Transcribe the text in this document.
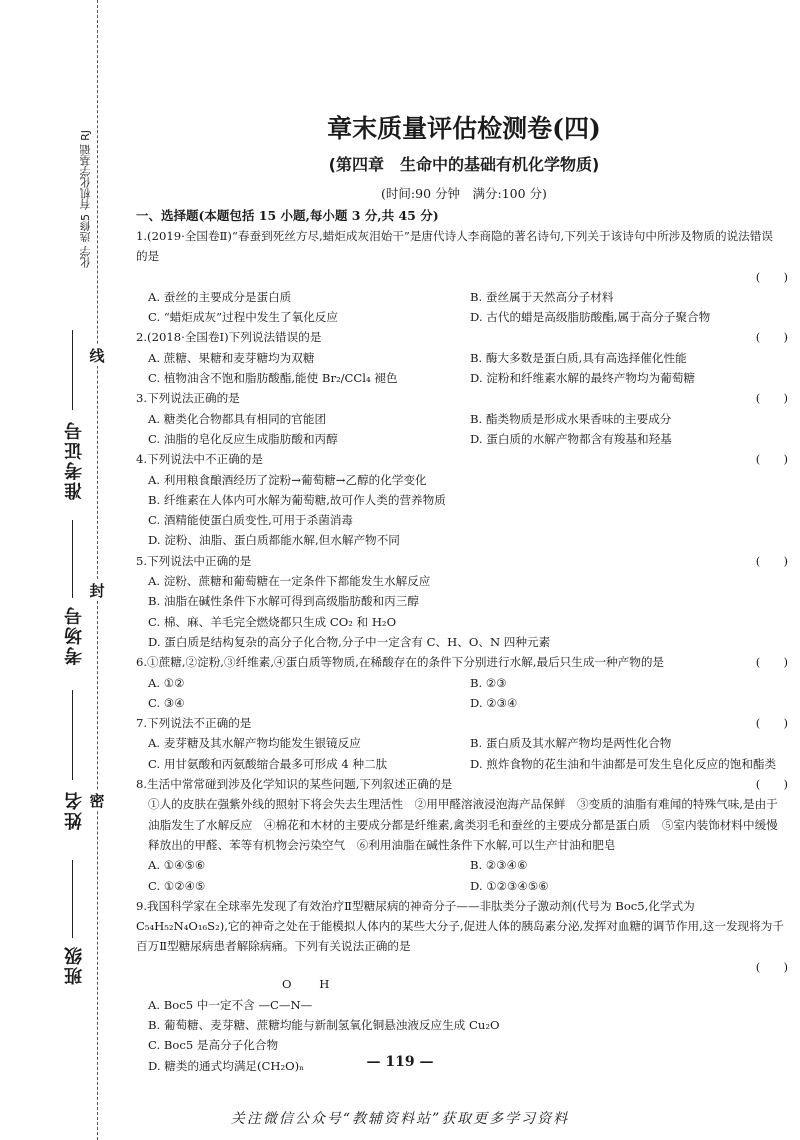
线
封
密
化学 选修5 有机化学基础 RJ
准考证号
考场号
姓名
班级
章末质量评估检测卷(四)
(第四章　生命中的基础有机化学物质)
(时间:90 分钟　满分:100 分)
一、选择题(本题包括 15 小题,每小题 3 分,共 45 分)
1.(2019·全国卷Ⅱ)“春蚕到死丝方尽,蜡炬成灰泪始干”是唐代诗人李商隐的著名诗句,下列关于该诗句中所涉及物质的说法错误的是
(　　)
A. 蚕丝的主要成分是蛋白质	B. 蚕丝属于天然高分子材料
C. “蜡炬成灰”过程中发生了氧化反应	D. 古代的蜡是高级脂肪酸酯,属于高分子聚合物
2.(2018·全国卷Ⅰ)下列说法错误的是	(　　)
A. 蔗糖、果糖和麦芽糖均为双糖	B. 酶大多数是蛋白质,具有高选择催化性能
C. 植物油含不饱和脂肪酸酯,能使 Br₂/CCl₄ 褪色	D. 淀粉和纤维素水解的最终产物均为葡萄糖
3.下列说法正确的是	(　　)
A. 糖类化合物都具有相同的官能团	B. 酯类物质是形成水果香味的主要成分
C. 油脂的皂化反应生成脂肪酸和丙醇	D. 蛋白质的水解产物都含有羧基和羟基
4.下列说法中不正确的是	(　　)
A. 利用粮食酿酒经历了淀粉→葡萄糖→乙醇的化学变化
B. 纤维素在人体内可水解为葡萄糖,故可作人类的营养物质
C. 酒精能使蛋白质变性,可用于杀菌消毒
D. 淀粉、油脂、蛋白质都能水解,但水解产物不同
5.下列说法中正确的是	(　　)
A. 淀粉、蔗糖和葡萄糖在一定条件下都能发生水解反应
B. 油脂在碱性条件下水解可得到高级脂肪酸和丙三醇
C. 棉、麻、羊毛完全燃烧都只生成 CO₂ 和 H₂O
D. 蛋白质是结构复杂的高分子化合物,分子中一定含有 C、H、O、N 四种元素
6.①蔗糖,②淀粉,③纤维素,④蛋白质等物质,在稀酸存在的条件下分别进行水解,最后只生成一种产物的是	(　　)
A. ①②	B. ②③
C. ③④	D. ②③④
7.下列说法不正确的是	(　　)
A. 麦芽糖及其水解产物均能发生银镜反应	B. 蛋白质及其水解产物均是两性化合物
C. 用甘氨酸和丙氨酸缩合最多可形成 4 种二肽	D. 煎炸食物的花生油和牛油都是可发生皂化反应的饱和酯类
8.生活中常常碰到涉及化学知识的某些问题,下列叙述正确的是	(　　)
①人的皮肤在强紫外线的照射下将会失去生理活性　②用甲醛溶液浸泡海产品保鲜　③变质的油脂有难闻的特殊气味,是由于油脂发生了水解反应　④棉花和木材的主要成分都是纤维素,禽类羽毛和蚕丝的主要成分都是蛋白质　⑤室内装饰材料中缓慢释放出的甲醛、苯等有机物会污染空气　⑥利用油脂在碱性条件下水解,可以生产甘油和肥皂
A. ①④⑤⑥	B. ②③④⑥
C. ①②④⑤	D. ①②③④⑤⑥
9.我国科学家在全球率先发现了有效治疗Ⅱ型糖尿病的神奇分子——非肽类分子激动剂(代号为 Boc5,化学式为 C₅₄H₅₂N₄O₁₆S₂),它的神奇之处在于能模拟人体内的某些大分子,促进人体的胰岛素分泌,发挥对血糖的调节作用,这一发现将为千百万Ⅱ型糖尿病患者解除病痛。下列有关说法正确的是
(　　)
O H
A. Boc5 中一定不含 —C—N—
B. 葡萄糖、麦芽糖、蔗糖均能与新制氢氧化铜悬浊液反应生成 Cu₂O
C. Boc5 是高分子化合物
D. 糖类的通式均满足(CH₂O)ₙ	— 119 —
关注微信公众号“教辅资料站”获取更多学习资料
